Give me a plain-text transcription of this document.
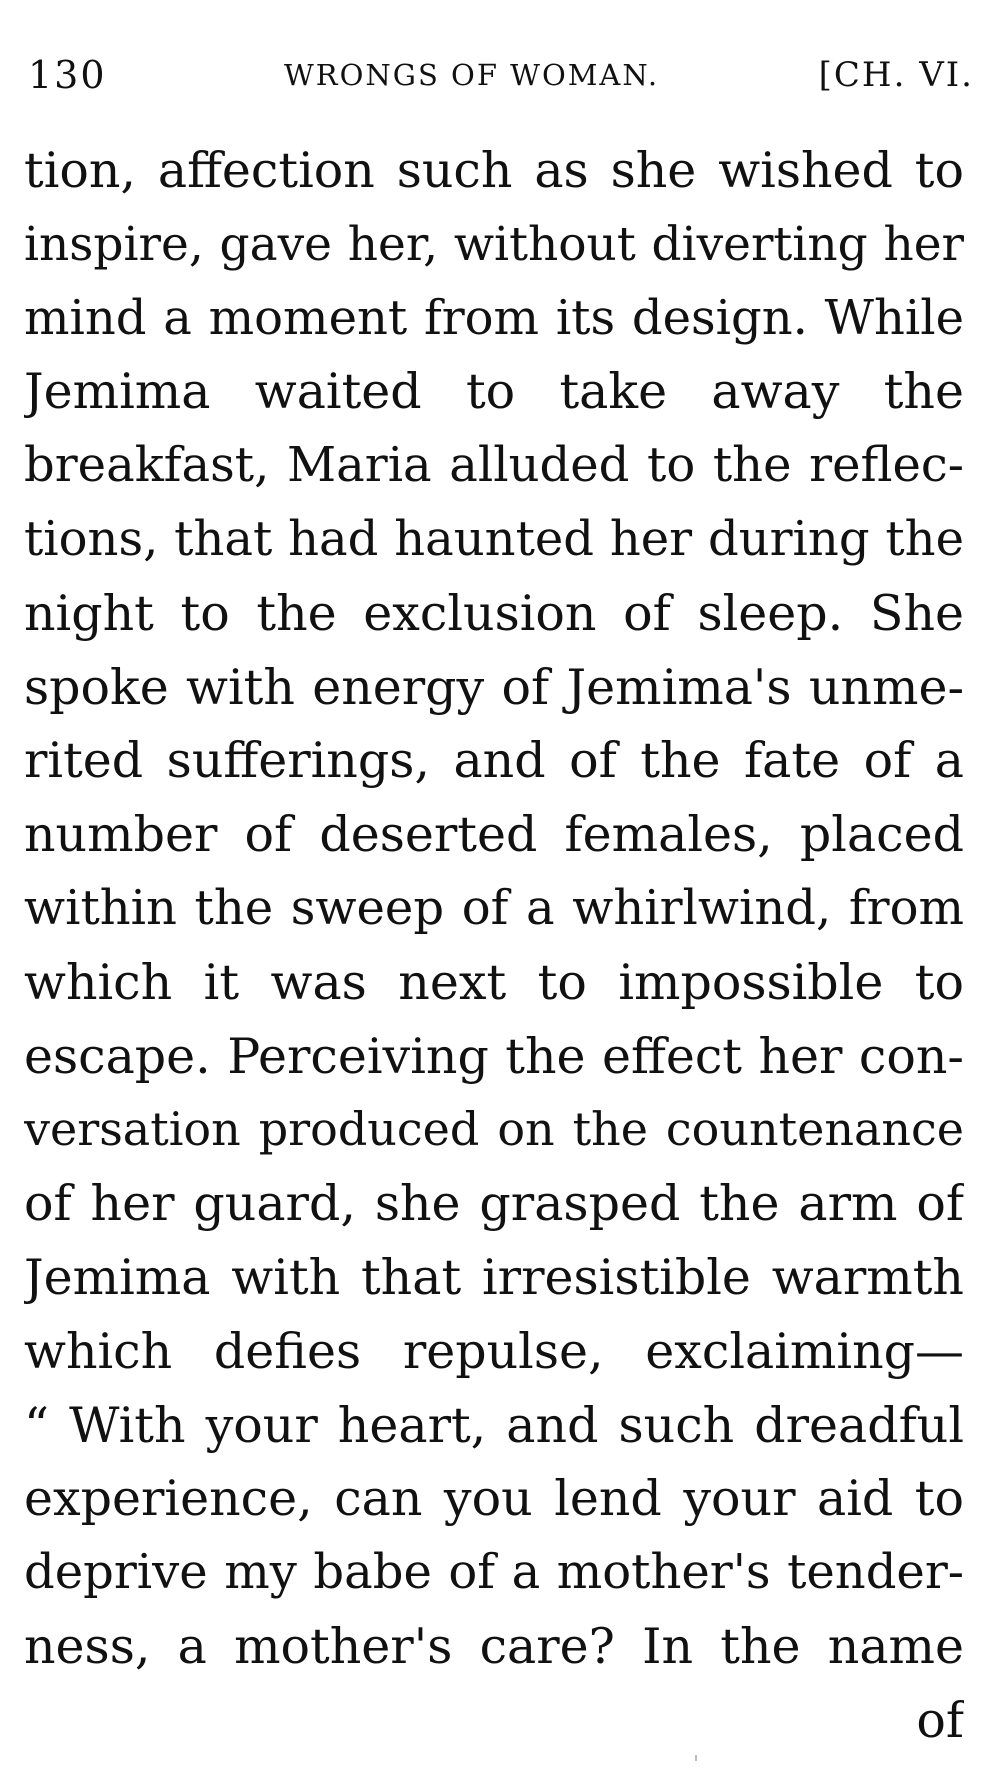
130	WRONGS OF WOMAN.	[CH. VI.
tion, affection such as she wished to
inspire, gave her, without diverting her
mind a moment from its design. While
Jemima waited to take away the
breakfast, Maria alluded to the reflec-
tions, that had haunted her during the
night to the exclusion of sleep. She
spoke with energy of Jemima's unme-
rited sufferings, and of the fate of a
number of deserted females, placed
within the sweep of a whirlwind, from
which it was next to impossible to
escape. Perceiving the effect her con-
versation produced on the countenance
of her guard, she grasped the arm of
Jemima with that irresistible warmth
which defies repulse, exclaiming—
“ With your heart, and such dreadful
experience, can you lend your aid to
deprive my babe of a mother's tender-
ness, a mother's care? In the name
of
